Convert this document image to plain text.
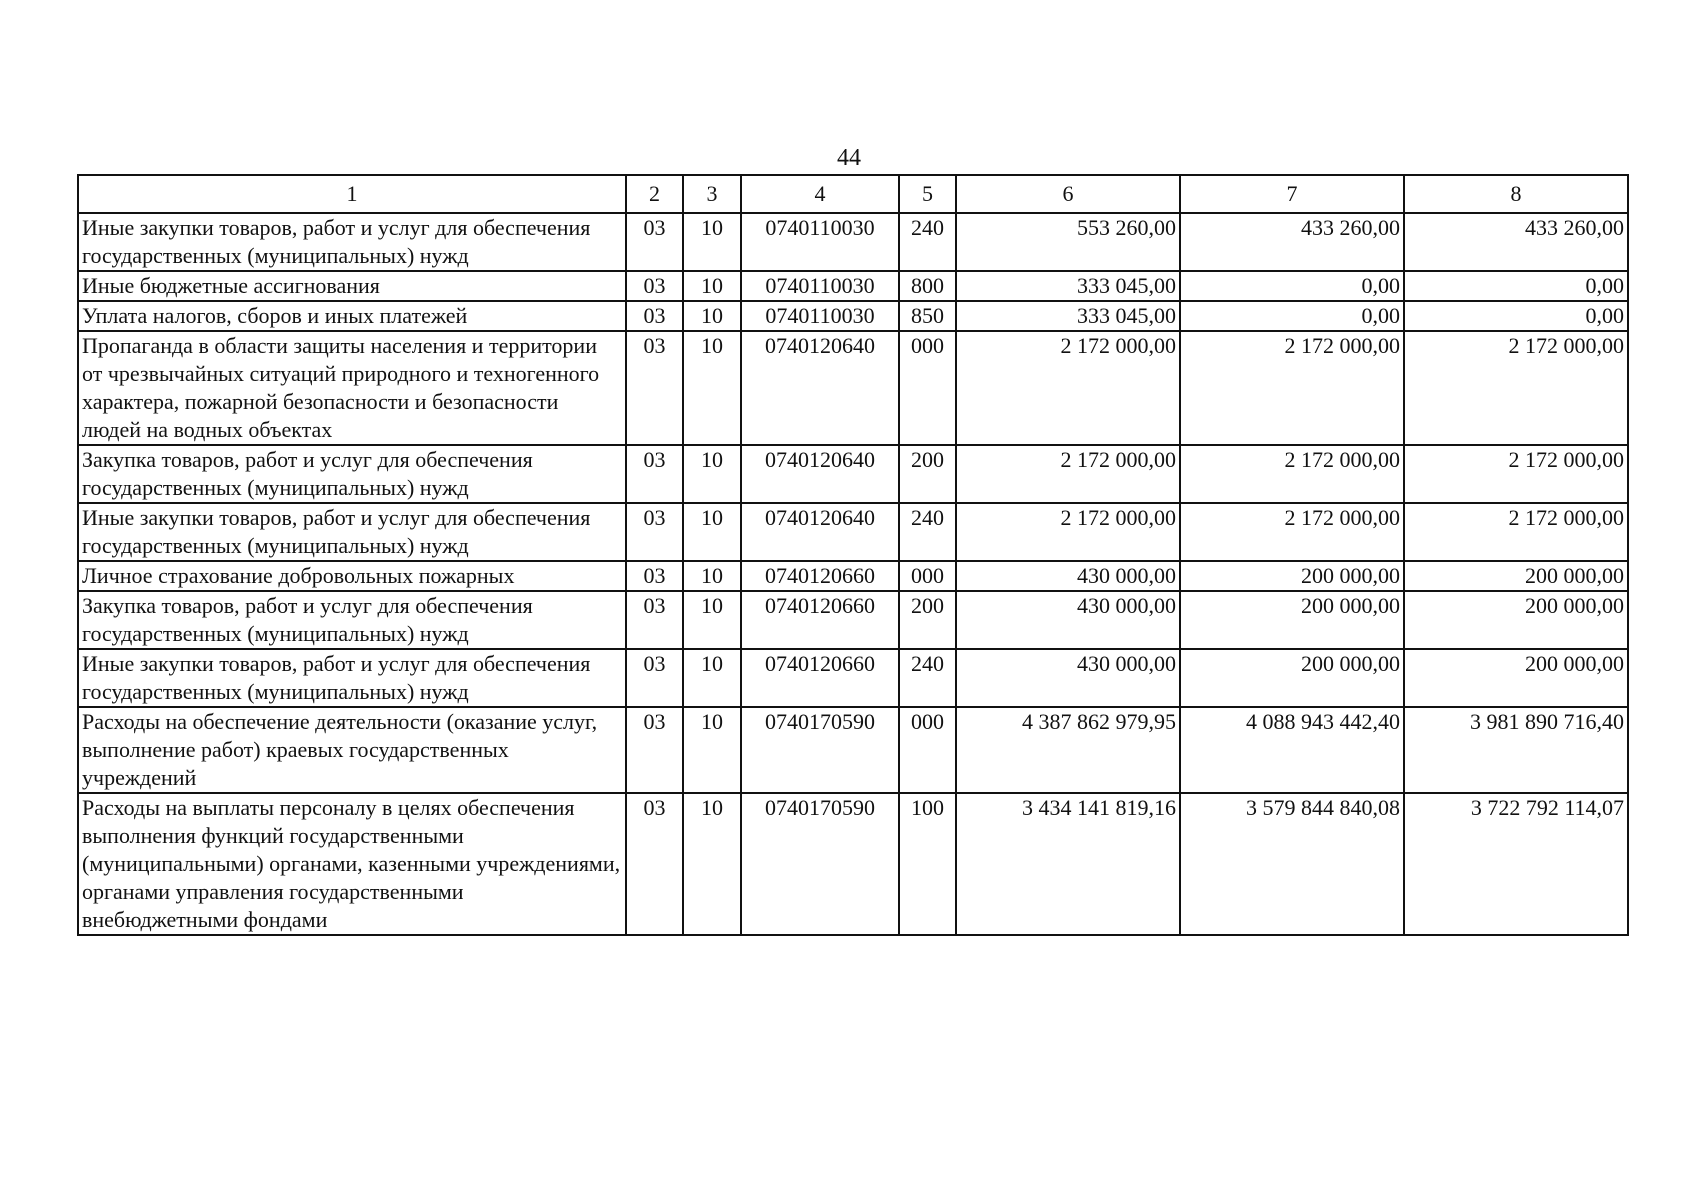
44
1	2	3	4	5	6	7	8
Иные закупки товаров, работ и услуг для обеспечения государственных (муниципальных) нужд	03	10	0740110030	240	553 260,00	433 260,00	433 260,00
Иные бюджетные ассигнования	03	10	0740110030	800	333 045,00	0,00	0,00
Уплата налогов, сборов и иных платежей	03	10	0740110030	850	333 045,00	0,00	0,00
Пропаганда в области защиты населения и территории от чрезвычайных ситуаций природного и техногенного характера, пожарной безопасности и безопасности людей на водных объектах	03	10	0740120640	000	2 172 000,00	2 172 000,00	2 172 000,00
Закупка товаров, работ и услуг для обеспечения государственных (муниципальных) нужд	03	10	0740120640	200	2 172 000,00	2 172 000,00	2 172 000,00
Иные закупки товаров, работ и услуг для обеспечения государственных (муниципальных) нужд	03	10	0740120640	240	2 172 000,00	2 172 000,00	2 172 000,00
Личное страхование добровольных пожарных	03	10	0740120660	000	430 000,00	200 000,00	200 000,00
Закупка товаров, работ и услуг для обеспечения государственных (муниципальных) нужд	03	10	0740120660	200	430 000,00	200 000,00	200 000,00
Иные закупки товаров, работ и услуг для обеспечения государственных (муниципальных) нужд	03	10	0740120660	240	430 000,00	200 000,00	200 000,00
Расходы на обеспечение деятельности (оказание услуг, выполнение работ) краевых государственных учреждений	03	10	0740170590	000	4 387 862 979,95	4 088 943 442,40	3 981 890 716,40
Расходы на выплаты персоналу в целях обеспечения выполнения функций государственными (муниципальными) органами, казенными учреждениями, органами управления государственными внебюджетными фондами	03	10	0740170590	100	3 434 141 819,16	3 579 844 840,08	3 722 792 114,07
